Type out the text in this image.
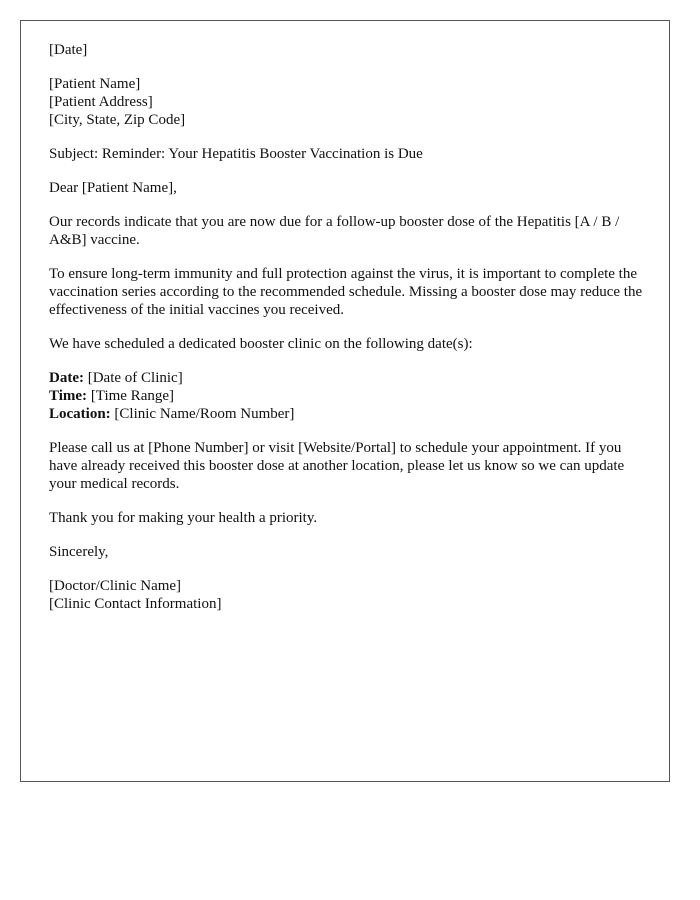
[Date]

[Patient Name]
[Patient Address]
[City, State, Zip Code]

Subject: Reminder: Your Hepatitis Booster Vaccination is Due

Dear [Patient Name],

Our records indicate that you are now due for a follow-up booster dose of the Hepatitis [A / B / A&B] vaccine.

To ensure long-term immunity and full protection against the virus, it is important to complete the vaccination series according to the recommended schedule. Missing a booster dose may reduce the effectiveness of the initial vaccines you received.

We have scheduled a dedicated booster clinic on the following date(s):

Date: [Date of Clinic]
Time: [Time Range]
Location: [Clinic Name/Room Number]

Please call us at [Phone Number] or visit [Website/Portal] to schedule your appointment. If you have already received this booster dose at another location, please let us know so we can update your medical records.

Thank you for making your health a priority.

Sincerely,

[Doctor/Clinic Name]
[Clinic Contact Information]
